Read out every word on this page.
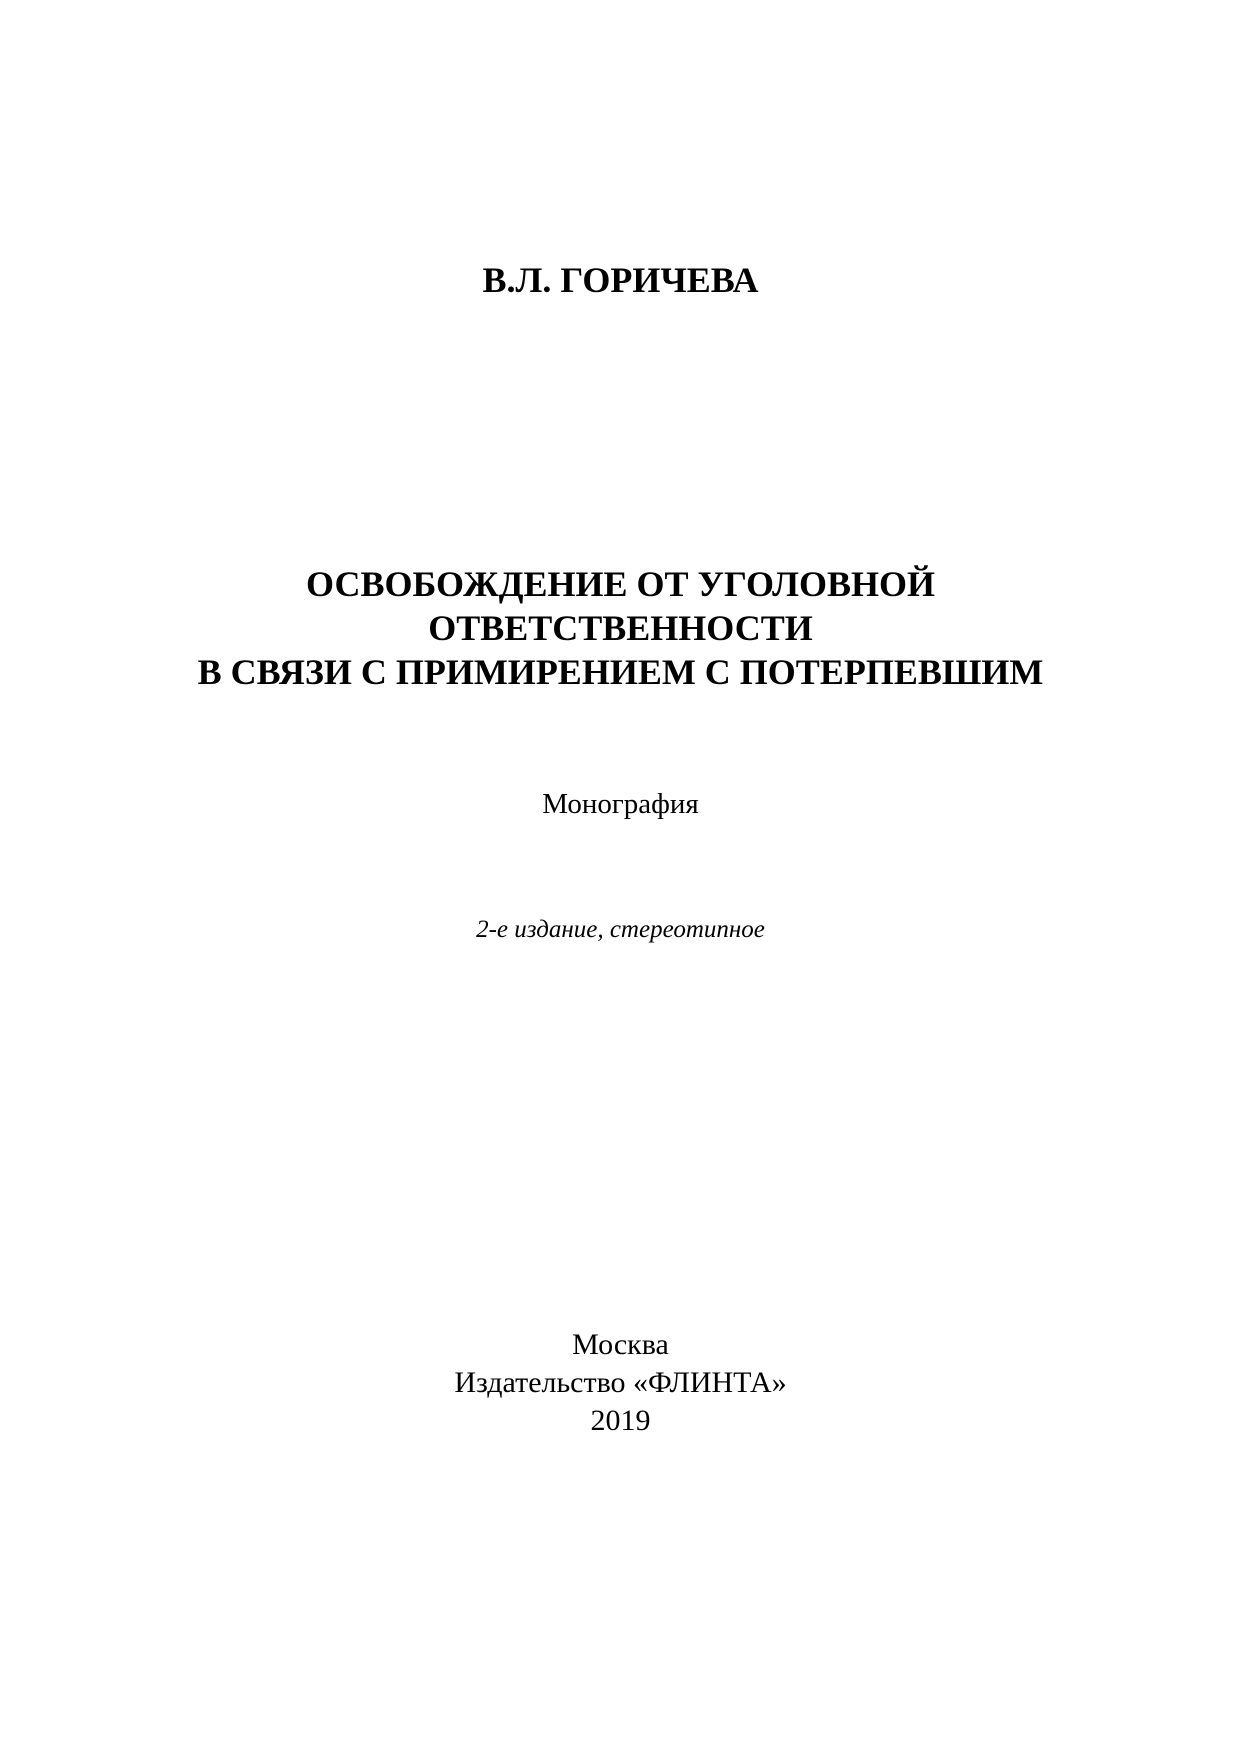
В.Л. ГОРИЧЕВА

ОСВОБОЖДЕНИЕ ОТ УГОЛОВНОЙ
ОТВЕТСТВЕННОСТИ
В СВЯЗИ С ПРИМИРЕНИЕМ С ПОТЕРПЕВШИМ

Монография

2-е издание, стереотипное

Москва
Издательство «ФЛИНТА»
2019
